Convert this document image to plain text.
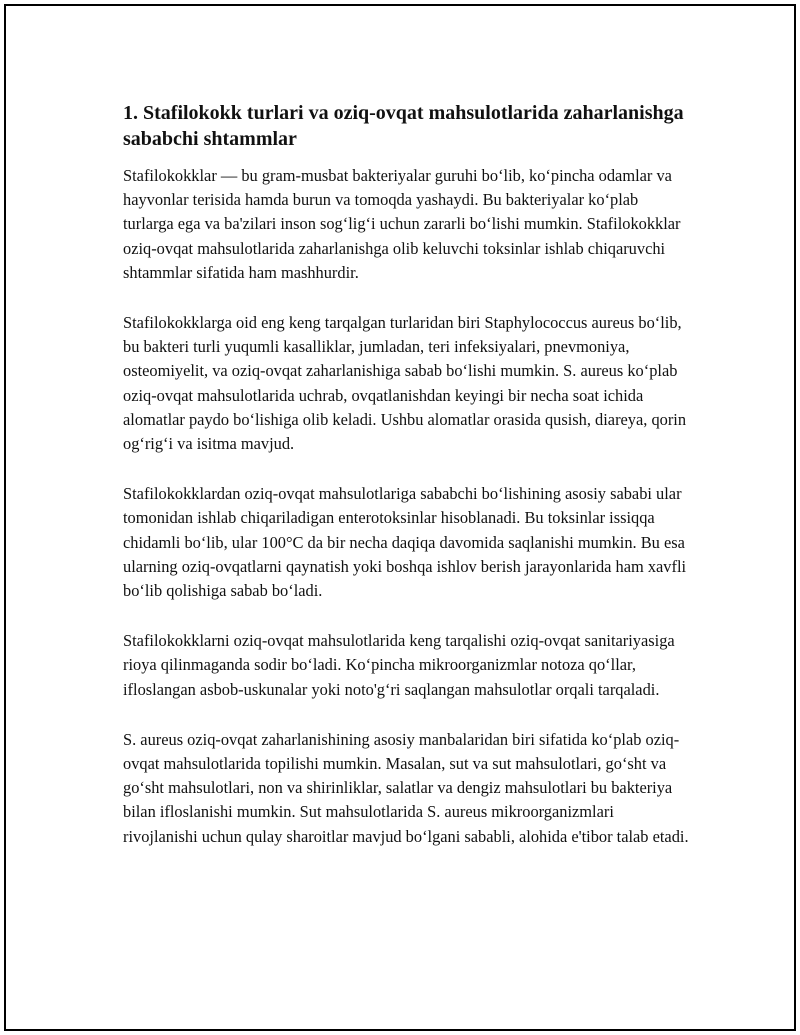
1. Stafilokokk turlari va oziq-ovqat mahsulotlarida zaharlanishga sababchi shtammlar

Stafilokokklar — bu gram-musbat bakteriyalar guruhi bo‘lib, ko‘pincha odamlar va hayvonlar terisida hamda burun va tomoqda yashaydi. Bu bakteriyalar ko‘plab turlarga ega va ba'zilari inson sog‘lig‘i uchun zararli bo‘lishi mumkin. Stafilokokklar oziq-ovqat mahsulotlarida zaharlanishga olib keluvchi toksinlar ishlab chiqaruvchi shtammlar sifatida ham mashhurdir.

Stafilokokklarga oid eng keng tarqalgan turlaridan biri Staphylococcus aureus bo‘lib, bu bakteri turli yuqumli kasalliklar, jumladan, teri infeksiyalari, pnevmoniya, osteomiyelit, va oziq-ovqat zaharlanishiga sabab bo‘lishi mumkin. S. aureus ko‘plab oziq-ovqat mahsulotlarida uchrab, ovqatlanishdan keyingi bir necha soat ichida alomatlar paydo bo‘lishiga olib keladi. Ushbu alomatlar orasida qusish, diareya, qorin og‘rig‘i va isitma mavjud.

Stafilokokklardan oziq-ovqat mahsulotlariga sababchi bo‘lishining asosiy sababi ular tomonidan ishlab chiqariladigan enterotoksinlar hisoblanadi. Bu toksinlar issiqqa chidamli bo‘lib, ular 100°C da bir necha daqiqa davomida saqlanishi mumkin. Bu esa ularning oziq-ovqatlarni qaynatish yoki boshqa ishlov berish jarayonlarida ham xavfli bo‘lib qolishiga sabab bo‘ladi.

Stafilokokklarni oziq-ovqat mahsulotlarida keng tarqalishi oziq-ovqat sanitariyasiga rioya qilinmaganda sodir bo‘ladi. Ko‘pincha mikroorganizmlar notoza qo‘llar, ifloslangan asbob-uskunalar yoki noto'g‘ri saqlangan mahsulotlar orqali tarqaladi.

S. aureus oziq-ovqat zaharlanishining asosiy manbalaridan biri sifatida ko‘plab oziq-ovqat mahsulotlarida topilishi mumkin. Masalan, sut va sut mahsulotlari, go‘sht va go‘sht mahsulotlari, non va shirinliklar, salatlar va dengiz mahsulotlari bu bakteriya bilan ifloslanishi mumkin. Sut mahsulotlarida S. aureus mikroorganizmlari rivojlanishi uchun qulay sharoitlar mavjud bo‘lgani sababli, alohida e'tibor talab etadi.
